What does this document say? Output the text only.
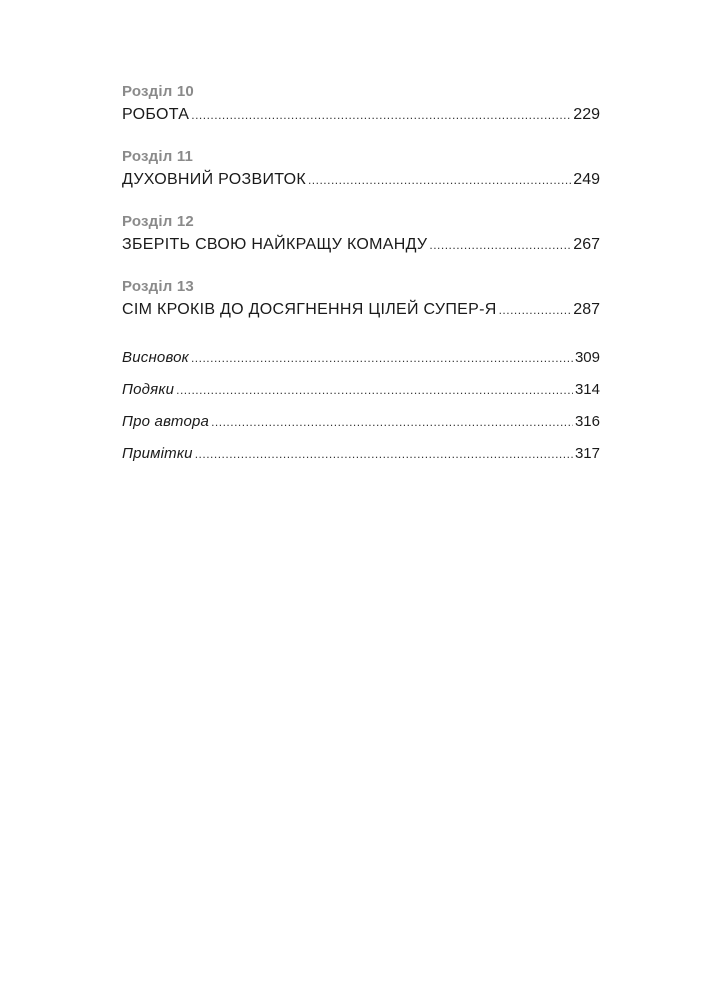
Розділ 10
РОБОТА .....	229
Розділ 11
ДУХОВНИЙ РОЗВИТОК .....	249
Розділ 12
ЗБЕРІТЬ СВОЮ НАЙКРАЩУ КОМАНДУ .....	267
Розділ 13
СІМ КРОКІВ ДО ДОСЯГНЕННЯ ЦІЛЕЙ СУПЕР-Я .....	287
Висновок .....	309
Подяки .....	314
Про автора .....	316
Примітки .....	317
